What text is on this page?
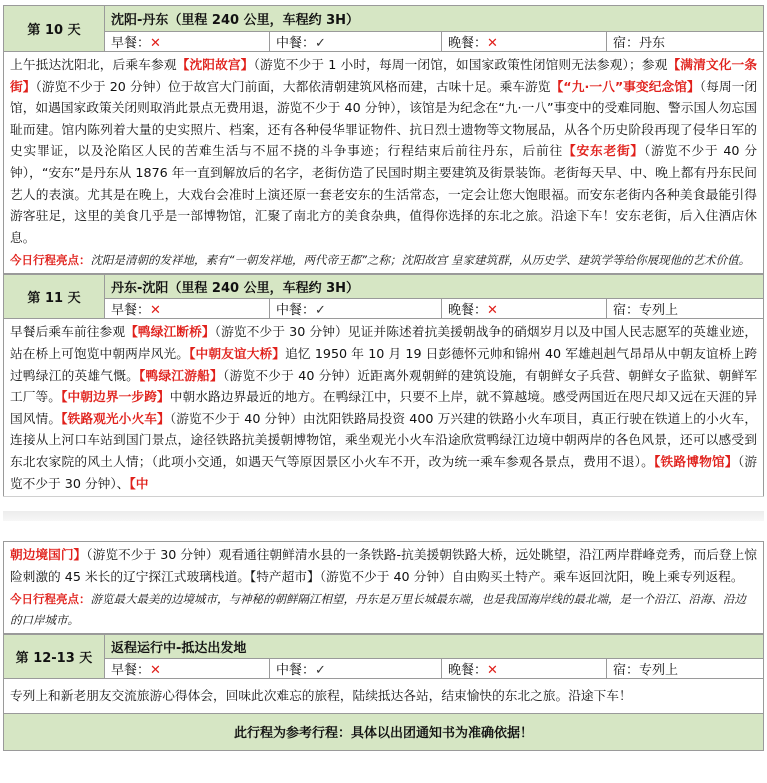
第 10 天	沈阳-丹东（里程 240 公里，车程约 3H）			
	早餐：✕	中餐：✓	晚餐：✕	宿：丹东
上午抵达沈阳北，后乘车参观【沈阳故宫】（游览不少于 1 小时，每周一闭馆，如国家政策性闭馆则无法参观）；参观【满清文化一条街】（游览不少于 20 分钟）位于故宫大门前面，大都依清朝建筑风格而建，古味十足。乘车游览【“九·一八”事变纪念馆】（每周一闭馆，如遇国家政策关闭则取消此景点无费用退，游览不少于 40 分钟），该馆是为纪念在“九·一八”事变中的受难同胞、警示国人勿忘国耻而建。馆内陈列着大量的史实照片、档案，还有各种侵华罪证物件、抗日烈士遗物等文物展品，从各个历史阶段再现了侵华日军的史实罪证，以及沦陷区人民的苦难生活与不屈不挠的斗争事迹；行程结束后前往丹东，后前往【安东老街】（游览不少于 40 分钟），“安东”是丹东从 1876 年一直到解放后的名字，老街仿造了民国时期主要建筑及街景装饰。老街每天早、中、晚上都有丹东民间艺人的表演。尤其是在晚上，大戏台会准时上演还原一套老安东的生活常态，一定会让您大饱眼福。而安东老街内各种美食最能引得游客驻足，这里的美食几乎是一部博物馆，汇聚了南北方的美食杂典，值得你选择的东北之旅。沿途下车！安东老街，后入住酒店休息。				
今日行程亮点：沈阳是清朝的发祥地，素有“一朝发祥地，两代帝王都”之称；沈阳故宫 皇家建筑群，从历史学、建筑学等给你展现他的艺术价值。				
第 11 天	丹东-沈阳（里程 240 公里，车程约 3H）			
	早餐：✕	中餐：✓	晚餐：✕	宿：专列上
早餐后乘车前往参观【鸭绿江断桥】（游览不少于 30 分钟）见证并陈述着抗美援朝战争的硝烟岁月以及中国人民志愿军的英雄业迹，站在桥上可饱览中朝两岸风光。【中朝友谊大桥】追忆 1950 年 10 月 19 日彭德怀元帅和锦州 40 军雄赳赳气昂昂从中朝友谊桥上跨过鸭绿江的英雄气慨。【鸭绿江游船】（游览不少于 40 分钟）近距离外观朝鲜的建筑设施，有朝鲜女子兵营、朝鲜女子监狱、朝鲜军工厂等。【中朝边界一步跨】中朝水路边界最近的地方。在鸭绿江中，只要不上岸，就不算越境。感受两国近在咫尺却又远在天涯的异国风情。【铁路观光小火车】（游览不少于 40 分钟）由沈阳铁路局投资 400 万兴建的铁路小火车项目，真正行驶在铁道上的小火车，连接从上河口车站到国门景点，途径铁路抗美援朝博物馆，乘坐观光小火车沿途欣赏鸭绿江边境中朝两岸的各色风景，还可以感受到东北农家院的风土人情；（此项小交通，如遇天气等原因景区小火车不开，改为统一乘车参观各景点，费用不退）。【铁路博物馆】（游览不少于 30 分钟）、【中				
朝边境国门】（游览不少于 30 分钟）观看通往朝鲜清水县的一条铁路-抗美援朝铁路大桥，远处眺望，沿江两岸群峰竞秀，而后登上惊险刺激的 45 米长的辽宁探江式玻璃栈道。【特产超市】（游览不少于 40 分钟）自由购买土特产。乘车返回沈阳，晚上乘专列返程。
今日行程亮点：游览最大最美的边境城市，与神秘的朝鲜隔江相望，丹东是万里长城最东端，也是我国海岸线的最北端，是一个沿江、沿海、沿边的口岸城市。
第 12-13 天	返程运行中-抵达出发地			
	早餐：✕	中餐：✓	晚餐：✕	宿：专列上
专列上和新老朋友交流旅游心得体会，回味此次难忘的旅程，陆续抵达各站，结束愉快的东北之旅。沿途下车！				
此行程为参考行程：具体以出团通知书为准确依据！				
